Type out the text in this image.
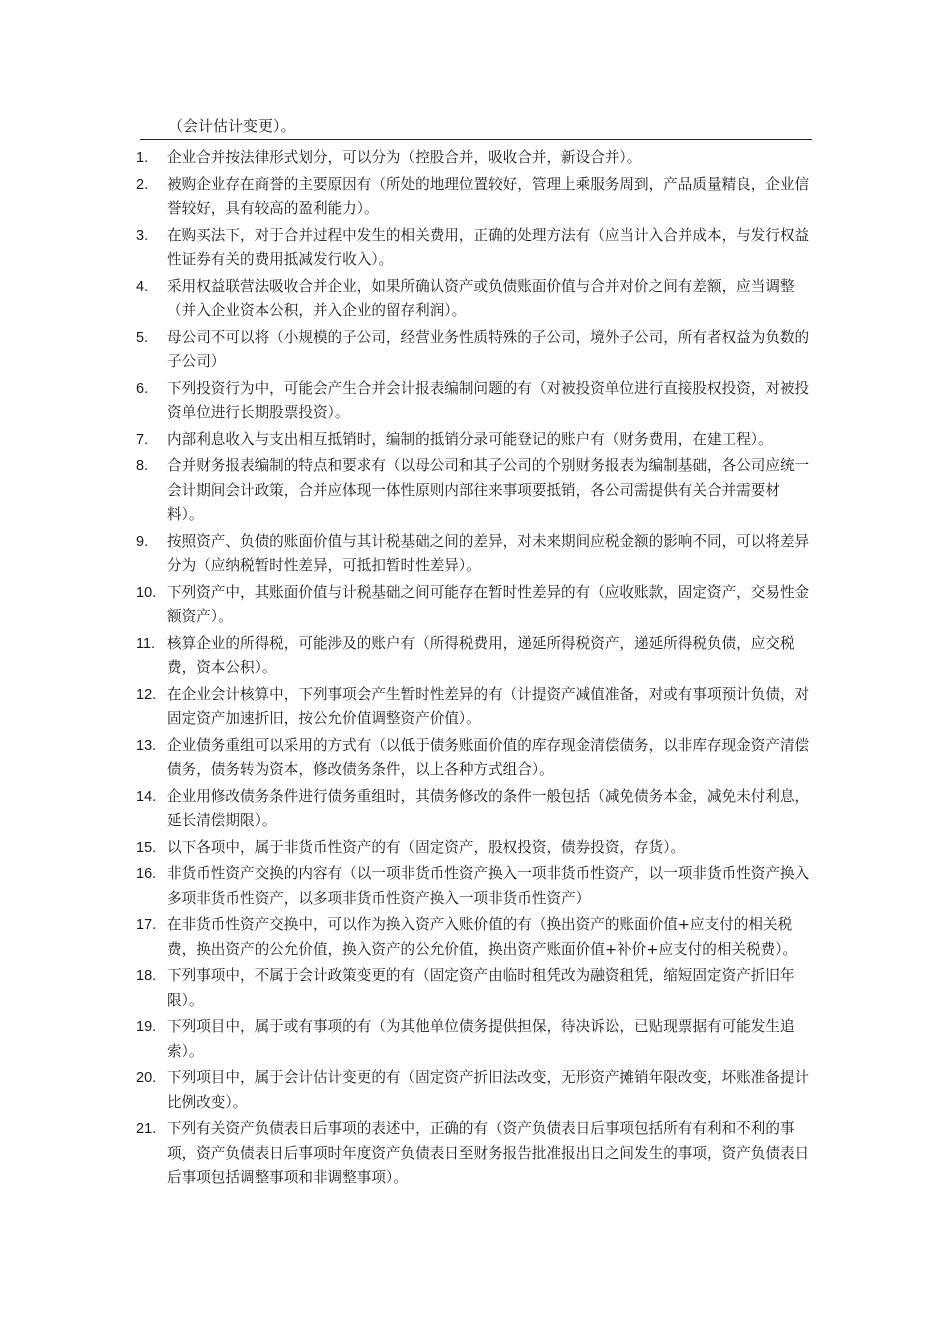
（会计估计变更）。
1.	企业合并按法律形式划分，可以分为（控股合并，吸收合并，新设合并）。
2.	被购企业存在商誉的主要原因有（所处的地理位置较好，管理上乘服务周到，产品质量精良，企业信誉较好，具有较高的盈利能力）。
3.	在购买法下，对于合并过程中发生的相关费用，正确的处理方法有（应当计入合并成本，与发行权益性证券有关的费用抵减发行收入）。
4.	采用权益联营法吸收合并企业，如果所确认资产或负债账面价值与合并对价之间有差额，应当调整（并入企业资本公积，并入企业的留存利润）。
5.	母公司不可以将（小规模的子公司，经营业务性质特殊的子公司，境外子公司，所有者权益为负数的子公司）
6.	下列投资行为中，可能会产生合并会计报表编制问题的有（对被投资单位进行直接股权投资，对被投资单位进行长期股票投资）。
7.	内部利息收入与支出相互抵销时，编制的抵销分录可能登记的账户有（财务费用，在建工程）。
8.	合并财务报表编制的特点和要求有（以母公司和其子公司的个别财务报表为编制基础，各公司应统一会计期间会计政策，合并应体现一体性原则内部往来事项要抵销，各公司需提供有关合并需要材料）。
9.	按照资产、负债的账面价值与其计税基础之间的差异，对未来期间应税金额的影响不同，可以将差异分为（应纳税暂时性差异，可抵扣暂时性差异）。
10. 下列资产中，其账面价值与计税基础之间可能存在暂时性差异的有（应收账款，固定资产，交易性金额资产）。
11. 核算企业的所得税，可能涉及的账户有（所得税费用，递延所得税资产，递延所得税负债，应交税费，资本公积）。
12. 在企业会计核算中，下列事项会产生暂时性差异的有（计提资产减值准备，对或有事项预计负债，对固定资产加速折旧，按公允价值调整资产价值）。
13. 企业债务重组可以采用的方式有（以低于债务账面价值的库存现金清偿债务，以非库存现金资产清偿债务，债务转为资本，修改债务条件，以上各种方式组合）。
14. 企业用修改债务条件进行债务重组时，其债务修改的条件一般包括（减免债务本金，减免未付利息，延长清偿期限）。
15. 以下各项中，属于非货币性资产的有（固定资产，股权投资，债券投资，存货）。
16. 非货币性资产交换的内容有（以一项非货币性资产换入一项非货币性资产，以一项非货币性资产换入多项非货币性资产，以多项非货币性资产换入一项非货币性资产）
17. 在非货币性资产交换中，可以作为换入资产入账价值的有（换出资产的账面价值+应支付的相关税费，换出资产的公允价值，换入资产的公允价值，换出资产账面价值+补价+应支付的相关税费）。
18. 下列事项中，不属于会计政策变更的有（固定资产由临时租凭改为融资租凭，缩短固定资产折旧年限）。
19. 下列项目中，属于或有事项的有（为其他单位债务提供担保，待决诉讼，已贴现票据有可能发生追索）。
20. 下列项目中，属于会计估计变更的有（固定资产折旧法改变，无形资产摊销年限改变，坏账准备提计比例改变）。
21. 下列有关资产负债表日后事项的表述中，正确的有（资产负债表日后事项包括所有有利和不利的事项，资产负债表日后事项时年度资产负债表日至财务报告批准报出日之间发生的事项，资产负债表日后事项包括调整事项和非调整事项）。
